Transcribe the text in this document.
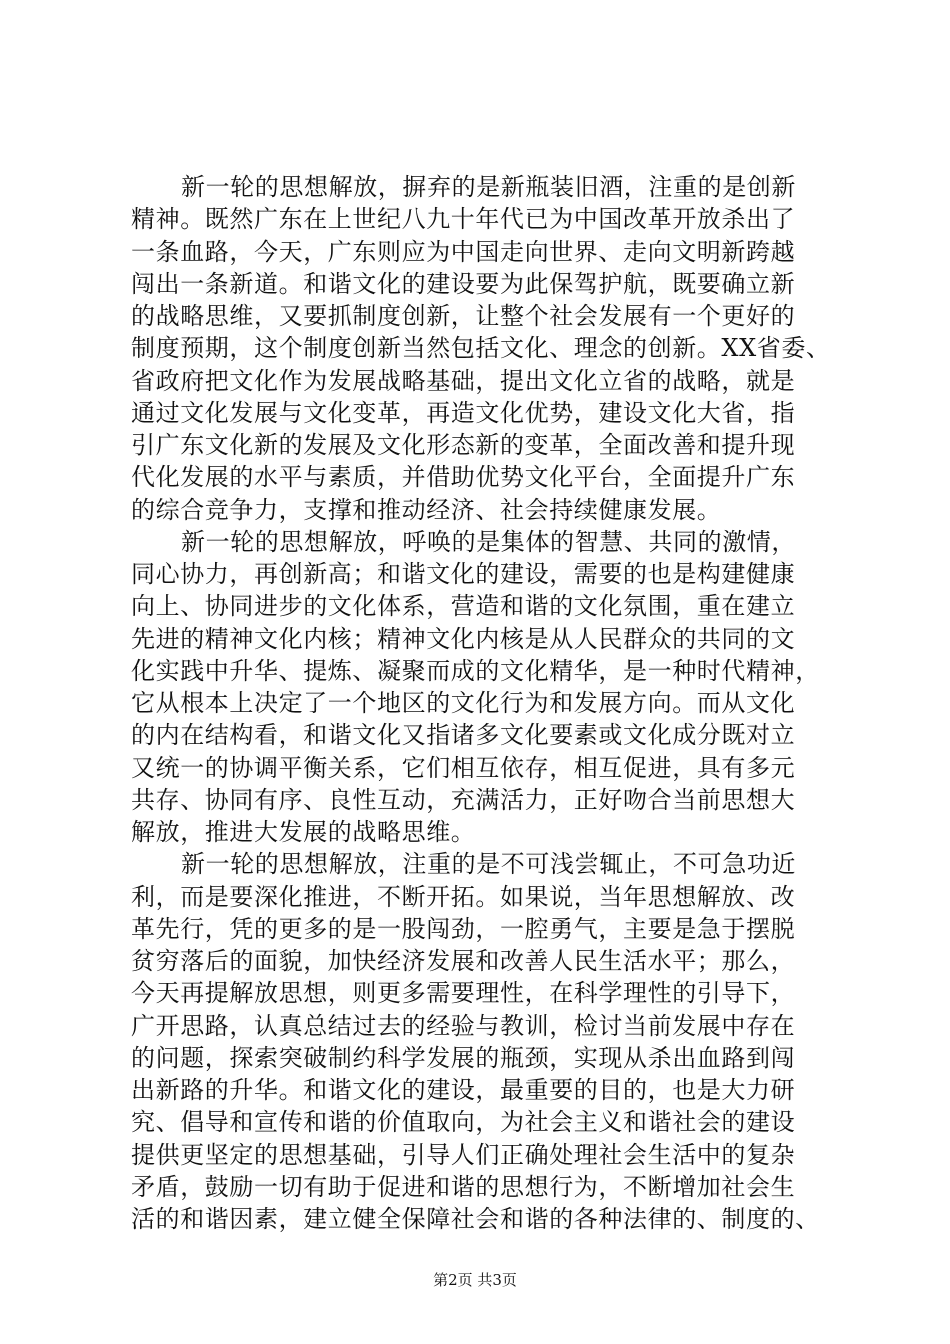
新一轮的思想解放，摒弃的是新瓶装旧酒，注重的是创新
精神。既然广东在上世纪八九十年代已为中国改革开放杀出了
一条血路，今天，广东则应为中国走向世界、走向文明新跨越
闯出一条新道。和谐文化的建设要为此保驾护航，既要确立新
的战略思维，又要抓制度创新，让整个社会发展有一个更好的
制度预期，这个制度创新当然包括文化、理念的创新。XX省委、
省政府把文化作为发展战略基础，提出文化立省的战略，就是
通过文化发展与文化变革，再造文化优势，建设文化大省，指
引广东文化新的发展及文化形态新的变革，全面改善和提升现
代化发展的水平与素质，并借助优势文化平台，全面提升广东
的综合竞争力，支撑和推动经济、社会持续健康发展。
新一轮的思想解放，呼唤的是集体的智慧、共同的激情，
同心协力，再创新高；和谐文化的建设，需要的也是构建健康
向上、协同进步的文化体系，营造和谐的文化氛围，重在建立
先进的精神文化内核；精神文化内核是从人民群众的共同的文
化实践中升华、提炼、凝聚而成的文化精华，是一种时代精神，
它从根本上决定了一个地区的文化行为和发展方向。而从文化
的内在结构看，和谐文化又指诸多文化要素或文化成分既对立
又统一的协调平衡关系，它们相互依存，相互促进，具有多元
共存、协同有序、良性互动，充满活力，正好吻合当前思想大
解放，推进大发展的战略思维。
新一轮的思想解放，注重的是不可浅尝辄止，不可急功近
利，而是要深化推进，不断开拓。如果说，当年思想解放、改
革先行，凭的更多的是一股闯劲，一腔勇气，主要是急于摆脱
贫穷落后的面貌，加快经济发展和改善人民生活水平；那么，
今天再提解放思想，则更多需要理性，在科学理性的引导下，
广开思路，认真总结过去的经验与教训，检讨当前发展中存在
的问题，探索突破制约科学发展的瓶颈，实现从杀出血路到闯
出新路的升华。和谐文化的建设，最重要的目的，也是大力研
究、倡导和宣传和谐的价值取向，为社会主义和谐社会的建设
提供更坚定的思想基础，引导人们正确处理社会生活中的复杂
矛盾，鼓励一切有助于促进和谐的思想行为，不断增加社会生
活的和谐因素，建立健全保障社会和谐的各种法律的、制度的、
第2页 共3页
